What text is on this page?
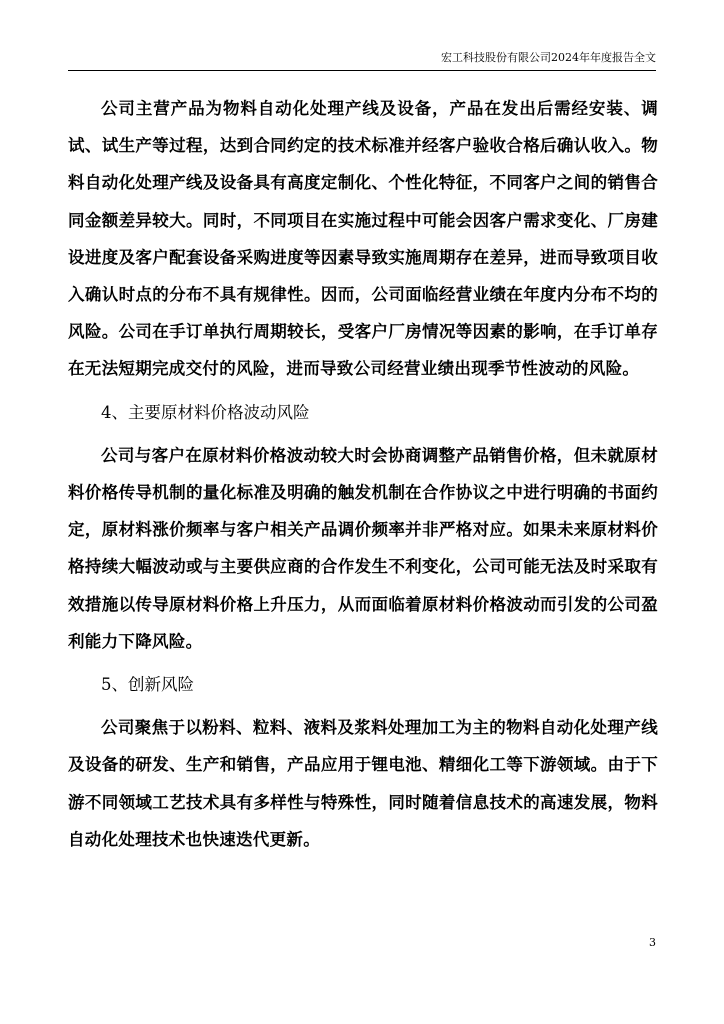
宏工科技股份有限公司2024年年度报告全文

公司主营产品为物料自动化处理产线及设备，产品在发出后需经安装、调试、试生产等过程，达到合同约定的技术标准并经客户验收合格后确认收入。物料自动化处理产线及设备具有高度定制化、个性化特征，不同客户之间的销售合同金额差异较大。同时，不同项目在实施过程中可能会因客户需求变化、厂房建设进度及客户配套设备采购进度等因素导致实施周期存在差异，进而导致项目收入确认时点的分布不具有规律性。因而，公司面临经营业绩在年度内分布不均的风险。公司在手订单执行周期较长，受客户厂房情况等因素的影响，在手订单存在无法短期完成交付的风险，进而导致公司经营业绩出现季节性波动的风险。

4、主要原材料价格波动风险

公司与客户在原材料价格波动较大时会协商调整产品销售价格，但未就原材料价格传导机制的量化标准及明确的触发机制在合作协议之中进行明确的书面约定，原材料涨价频率与客户相关产品调价频率并非严格对应。如果未来原材料价格持续大幅波动或与主要供应商的合作发生不利变化，公司可能无法及时采取有效措施以传导原材料价格上升压力，从而面临着原材料价格波动而引发的公司盈利能力下降风险。

5、创新风险

公司聚焦于以粉料、粒料、液料及浆料处理加工为主的物料自动化处理产线及设备的研发、生产和销售，产品应用于锂电池、精细化工等下游领域。由于下游不同领域工艺技术具有多样性与特殊性，同时随着信息技术的高速发展，物料自动化处理技术也快速迭代更新。

3
